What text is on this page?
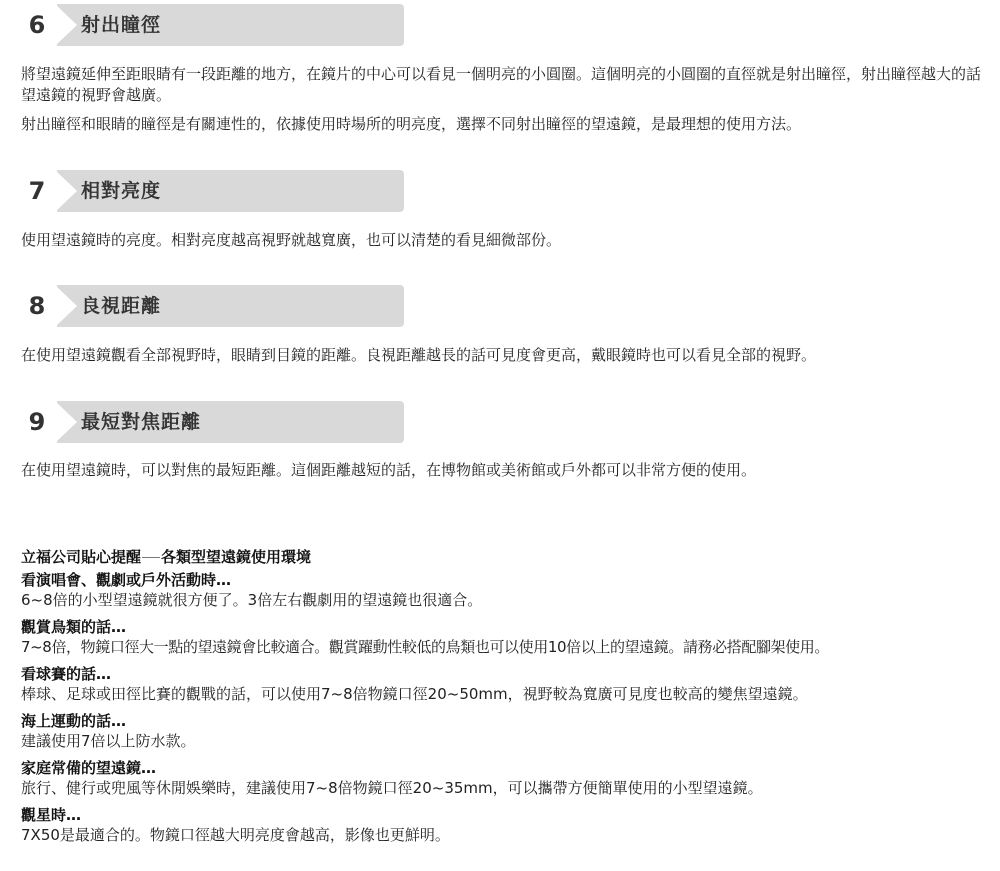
6	射出瞳徑
將望遠鏡延伸至距眼睛有一段距離的地方，在鏡片的中心可以看見一個明亮的小圓圈。這個明亮的小圓圈的直徑就是射出瞳徑，射出瞳徑越大的話望遠鏡的視野會越廣。
射出瞳徑和眼睛的瞳徑是有關連性的，依據使用時場所的明亮度，選擇不同射出瞳徑的望遠鏡，是最理想的使用方法。
7	相對亮度
使用望遠鏡時的亮度。相對亮度越高視野就越寬廣，也可以清楚的看見細微部份。
8	良視距離
在使用望遠鏡觀看全部視野時，眼睛到目鏡的距離。良視距離越長的話可見度會更高，戴眼鏡時也可以看見全部的視野。
9	最短對焦距離
在使用望遠鏡時，可以對焦的最短距離。這個距離越短的話，在博物館或美術館或戶外都可以非常方便的使用。
立福公司貼心提醒 各類型望遠鏡使用環境
看演唱會、觀劇或戶外活動時…
6~8倍的小型望遠鏡就很方便了。3倍左右觀劇用的望遠鏡也很適合。
觀賞鳥類的話…
7~8倍，物鏡口徑大一點的望遠鏡會比較適合。觀賞躍動性較低的鳥類也可以使用10倍以上的望遠鏡。請務必搭配腳架使用。
看球賽的話…
棒球、足球或田徑比賽的觀戰的話，可以使用7~8倍物鏡口徑20~50mm，視野較為寬廣可見度也較高的變焦望遠鏡。
海上運動的話…
建議使用7倍以上防水款。
家庭常備的望遠鏡…
旅行、健行或兜風等休閒娛樂時，建議使用7~8倍物鏡口徑20~35mm，可以攜帶方便簡單使用的小型望遠鏡。
觀星時…
7X50是最適合的。物鏡口徑越大明亮度會越高，影像也更鮮明。
